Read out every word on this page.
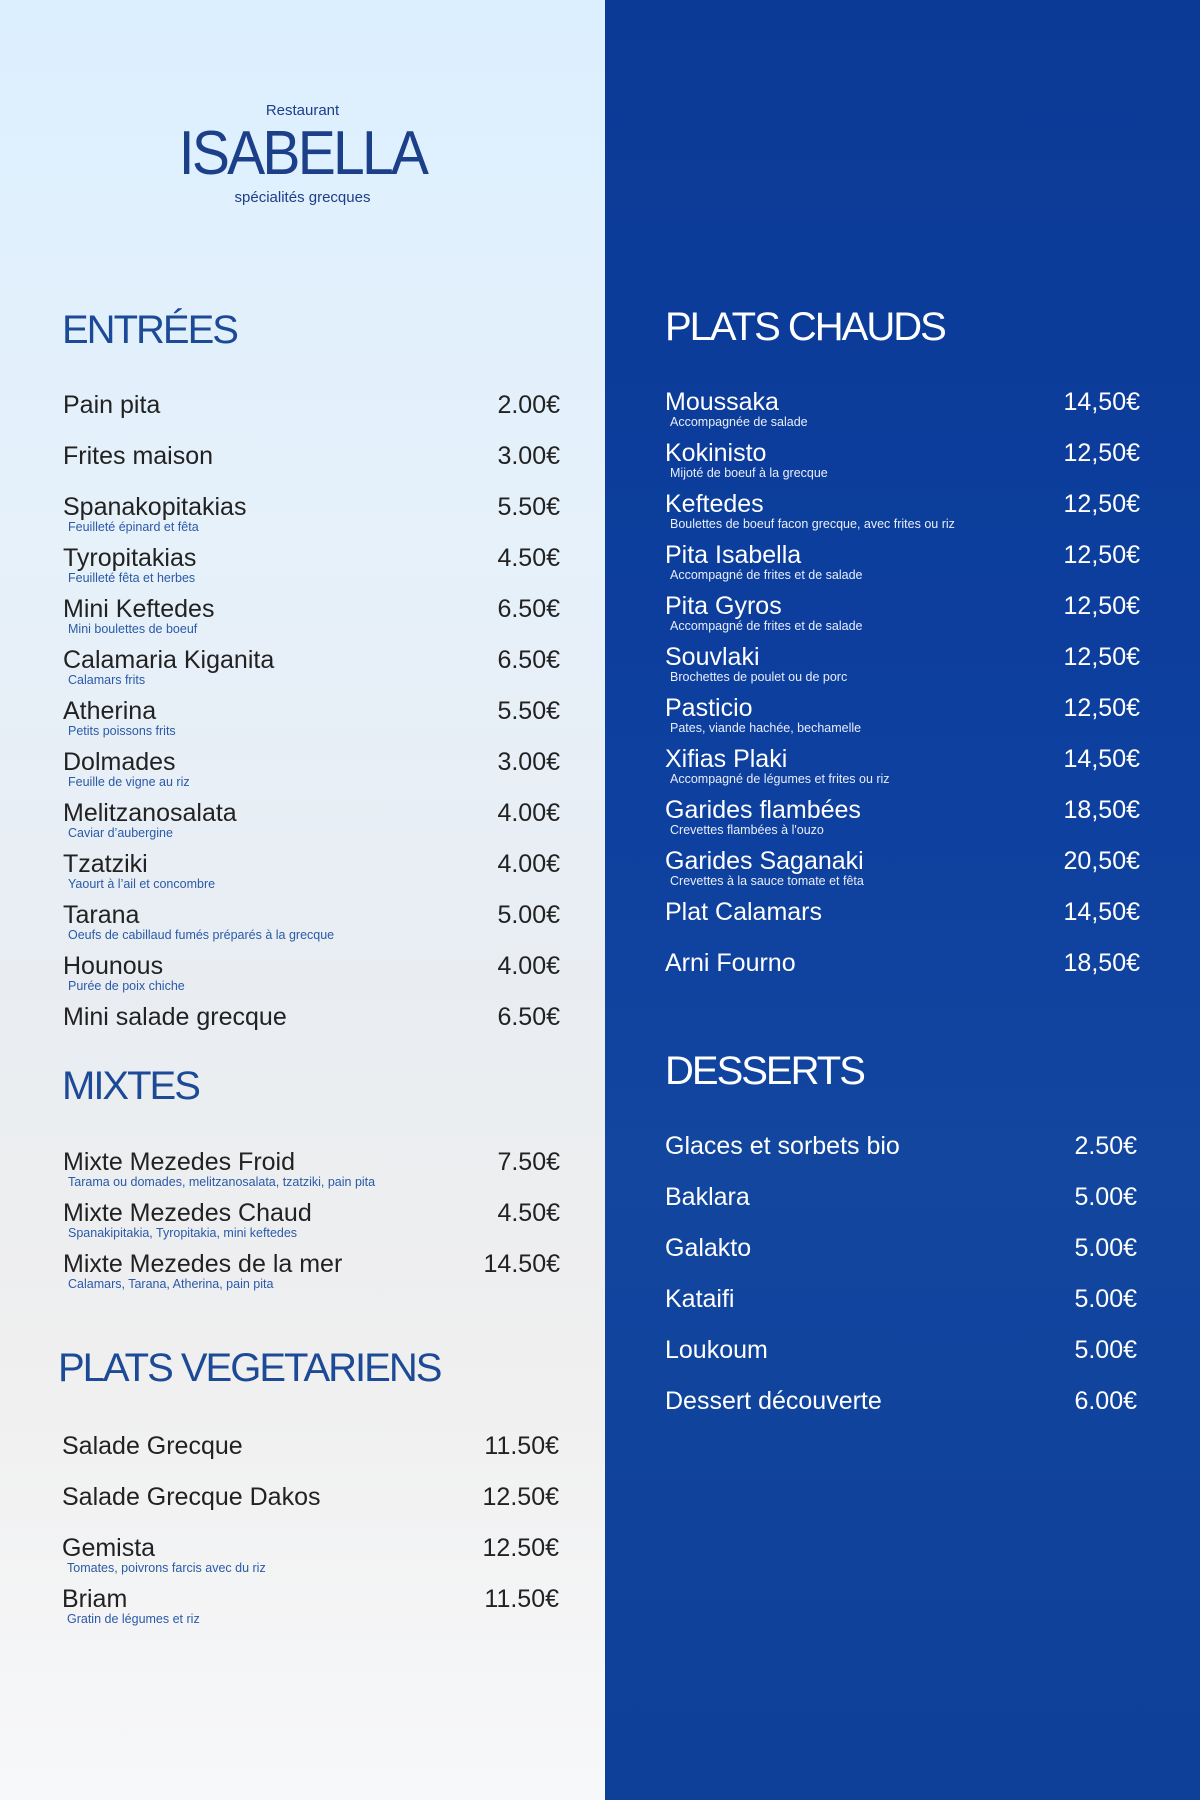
Restaurant
ISABELLA
spécialités grecques
ENTRÉES
Pain pita	2.00€
Frites maison	3.00€
Spanakopitakias	5.50€
Feuilleté épinard et fêta
Tyropitakias	4.50€
Feuilleté fêta et herbes
Mini Keftedes	6.50€
Mini boulettes de boeuf
Calamaria Kiganita	6.50€
Calamars frits
Atherina	5.50€
Petits poissons frits
Dolmades	3.00€
Feuille de vigne au riz
Melitzanosalata	4.00€
Caviar d’aubergine
Tzatziki	4.00€
Yaourt à l’ail et concombre
Tarana	5.00€
Oeufs de cabillaud fumés préparés à la grecque
Hounous	4.00€
Purée de poix chiche
Mini salade grecque	6.50€
MIXTES
Mixte Mezedes Froid	7.50€
Tarama ou domades, melitzanosalata, tzatziki, pain pita
Mixte Mezedes Chaud	4.50€
Spanakipitakia, Tyropitakia, mini keftedes
Mixte Mezedes de la mer	14.50€
Calamars, Tarana, Atherina, pain pita
PLATS VEGETARIENS
Salade Grecque	11.50€
Salade Grecque Dakos	12.50€
Gemista	12.50€
Tomates, poivrons farcis avec du riz
Briam	11.50€
Gratin de légumes et riz
PLATS CHAUDS
Moussaka	14,50€
Accompagnée de salade
Kokinisto	12,50€
Mijoté de boeuf à la grecque
Keftedes	12,50€
Boulettes de boeuf facon grecque, avec frites ou riz
Pita Isabella	12,50€
Accompagné de frites et de salade
Pita Gyros	12,50€
Accompagné de frites et de salade
Souvlaki	12,50€
Brochettes de poulet ou de porc
Pasticio	12,50€
Pates, viande hachée, bechamelle
Xifias Plaki	14,50€
Accompagné de légumes et frites ou riz
Garides flambées	18,50€
Crevettes flambées à l'ouzo
Garides Saganaki	20,50€
Crevettes à la sauce tomate et fêta
Plat Calamars	14,50€
Arni Fourno	18,50€
DESSERTS
Glaces et sorbets bio	2.50€
Baklara	5.00€
Galakto	5.00€
Kataifi	5.00€
Loukoum	5.00€
Dessert découverte	6.00€
